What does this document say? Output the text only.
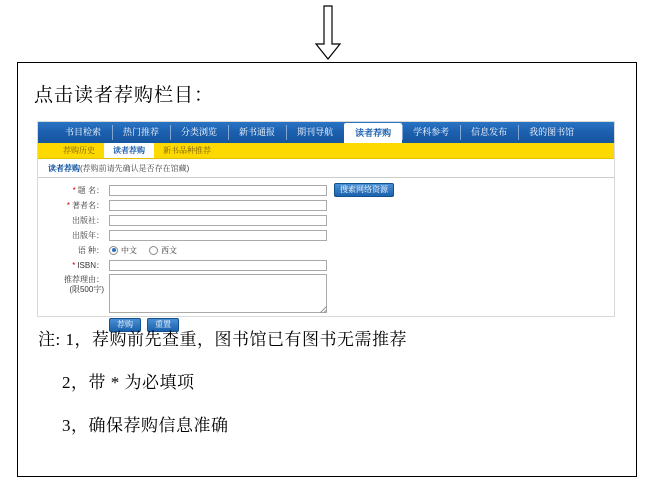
点击读者荐购栏目：
书目检索	热门推荐	分类浏览	新书通报	期刊导航	读者荐购	学科参考	信息发布	我的图书馆
荐购历史	读者荐购	新书品种推荐
读者荐购(荐购前请先确认是否存在馆藏)
* 题 名：	搜索网络资源
* 著者名：
出版社：
出版年：
语 种：	中文	西文
* ISBN：
推荐理由：
(限500字)
荐购	重置
注: 1，荐购前先查重，图书馆已有图书无需推荐
2，带 * 为必填项
3，确保荐购信息准确
